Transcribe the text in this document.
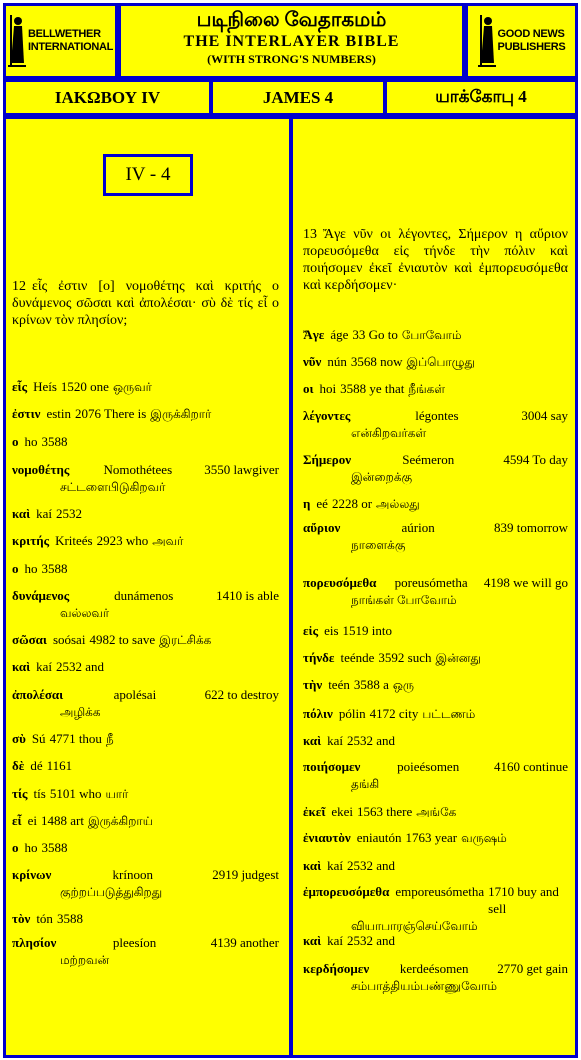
BELLWETHER
INTERNATIONAL
படிநிலை வேதாகமம்
THE INTERLAYER BIBLE
(WITH STRONG'S NUMBERS)
GOOD NEWS
PUBLISHERS
ΙΑΚΩΒΟΥ IV	JAMES 4	யாக்கோபு 4
IV - 4
12 εἷς ἐστιν [ο] νομοθέτης καὶ κριτής ο δυνάμενος σῶσαι καὶ ἀπολέσαι· σὺ δὲ τίς εἶ ο κρίνων τὸν πλησίον;
13 Ἄγε νῦν οι λέγοντες, Σήμερον η αὔριον πορευσόμεθα εἰς τήνδε τὴν πόλιν καὶ ποιήσομεν ἐκεῖ ἐνιαυτὸν καὶ ἐμπορευσόμεθα καὶ κερδήσομεν·
εἷς Heís 1520 one ஒருவர்
ἐστιν estin 2076 There is இருக்கிறார்
ο ho 3588
νομοθέτης	Nomothétees 3550 lawgiver
சட்டளைபிடுகிறவர்
καὶ kaí 2532
κριτής Kriteés 2923 who அவர்
ο ho 3588
δυνάμενος	dunámenos	1410 is able
வல்லவர்
σῶσαι soósai 4982 to save இரட்சிக்க
καὶ kaí 2532 and
ἀπολέσαι	apolésai	622 to destroy
அழிக்க
σὺ Sú 4771 thou நீ
δὲ dé 1161
τίς tís 5101 who யார்
εἶ ei 1488 art இருக்கிறாய்
ο ho 3588
κρίνων	krínoon	2919 judgest
குற்றப்படுத்துகிறது
τὸν tón 3588
πλησίον	pleesíon	4139 another
மற்றவன்
Ἄγε áge 33 Go to போவோம்
νῦν nún 3568 now இப்பொழுது
οι hoi 3588 ye that நீங்கள்
λέγοντες	légontes	3004 say
என்கிறவர்கள்
Σήμερον	Seémeron	4594 To day
இன்றைக்கு
η eé 2228 or அல்லது
αὔριον	aúrion	839 tomorrow
நாளைக்கு
πορευσόμεθα poreusómetha 4198 we will go
நாங்கள் போவோம்
εἰς eis 1519 into
τήνδε teénde 3592 such இன்னது
τὴν teén 3588 a ஒரு
πόλιν pólin 4172 city பட்டணம்
καὶ kaí 2532 and
ποιήσομεν	poieésomen	4160 continue
தங்கி
ἐκεῖ ekei 1563 there அங்கே
ἐνιαυτὸν eniautón 1763 year வருஷம்
καὶ kaí 2532 and
ἐμπορευσόμεθα emporeusómetha 1710 buy and sell
வியாபாரஞ்செய்வோம்
καὶ kaí 2532 and
κερδήσομεν kerdeésomen 2770 get gain
சம்பாத்தியம்பண்ணுவோம்
